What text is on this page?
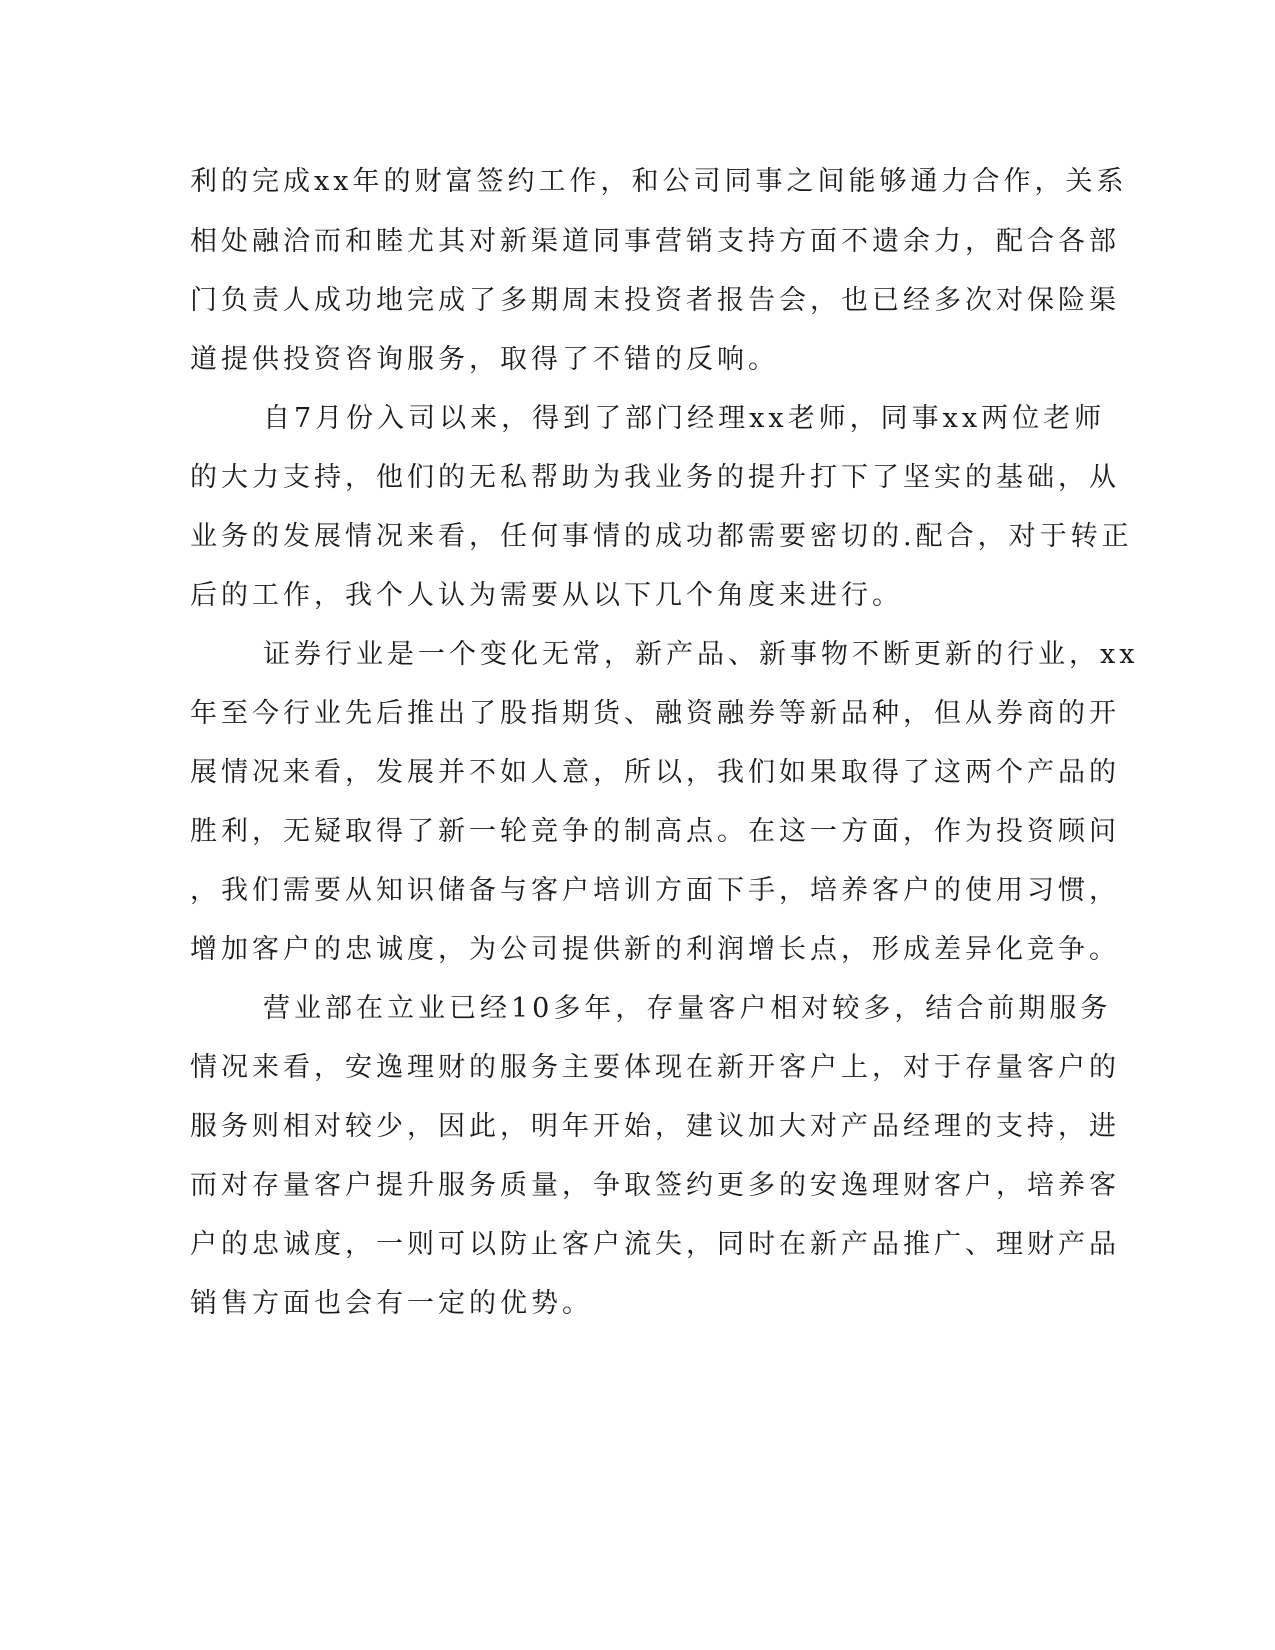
利的完成xx年的财富签约工作，和公司同事之间能够通力合作，关系

相处融洽而和睦尤其对新渠道同事营销支持方面不遗余力，配合各部

门负责人成功地完成了多期周末投资者报告会，也已经多次对保险渠

道提供投资咨询服务，取得了不错的反响。

自7月份入司以来，得到了部门经理xx老师，同事xx两位老师

的大力支持，他们的无私帮助为我业务的提升打下了坚实的基础，从

业务的发展情况来看，任何事情的成功都需要密切的.配合，对于转正

后的工作，我个人认为需要从以下几个角度来进行。

证券行业是一个变化无常，新产品、新事物不断更新的行业，xx

年至今行业先后推出了股指期货、融资融券等新品种，但从券商的开

展情况来看，发展并不如人意，所以，我们如果取得了这两个产品的

胜利，无疑取得了新一轮竞争的制高点。在这一方面，作为投资顾问

，我们需要从知识储备与客户培训方面下手，培养客户的使用习惯，

增加客户的忠诚度，为公司提供新的利润增长点，形成差异化竞争。

营业部在立业已经10多年，存量客户相对较多，结合前期服务

情况来看，安逸理财的服务主要体现在新开客户上，对于存量客户的

服务则相对较少，因此，明年开始，建议加大对产品经理的支持，进

而对存量客户提升服务质量，争取签约更多的安逸理财客户，培养客

户的忠诚度，一则可以防止客户流失，同时在新产品推广、理财产品

销售方面也会有一定的优势。
